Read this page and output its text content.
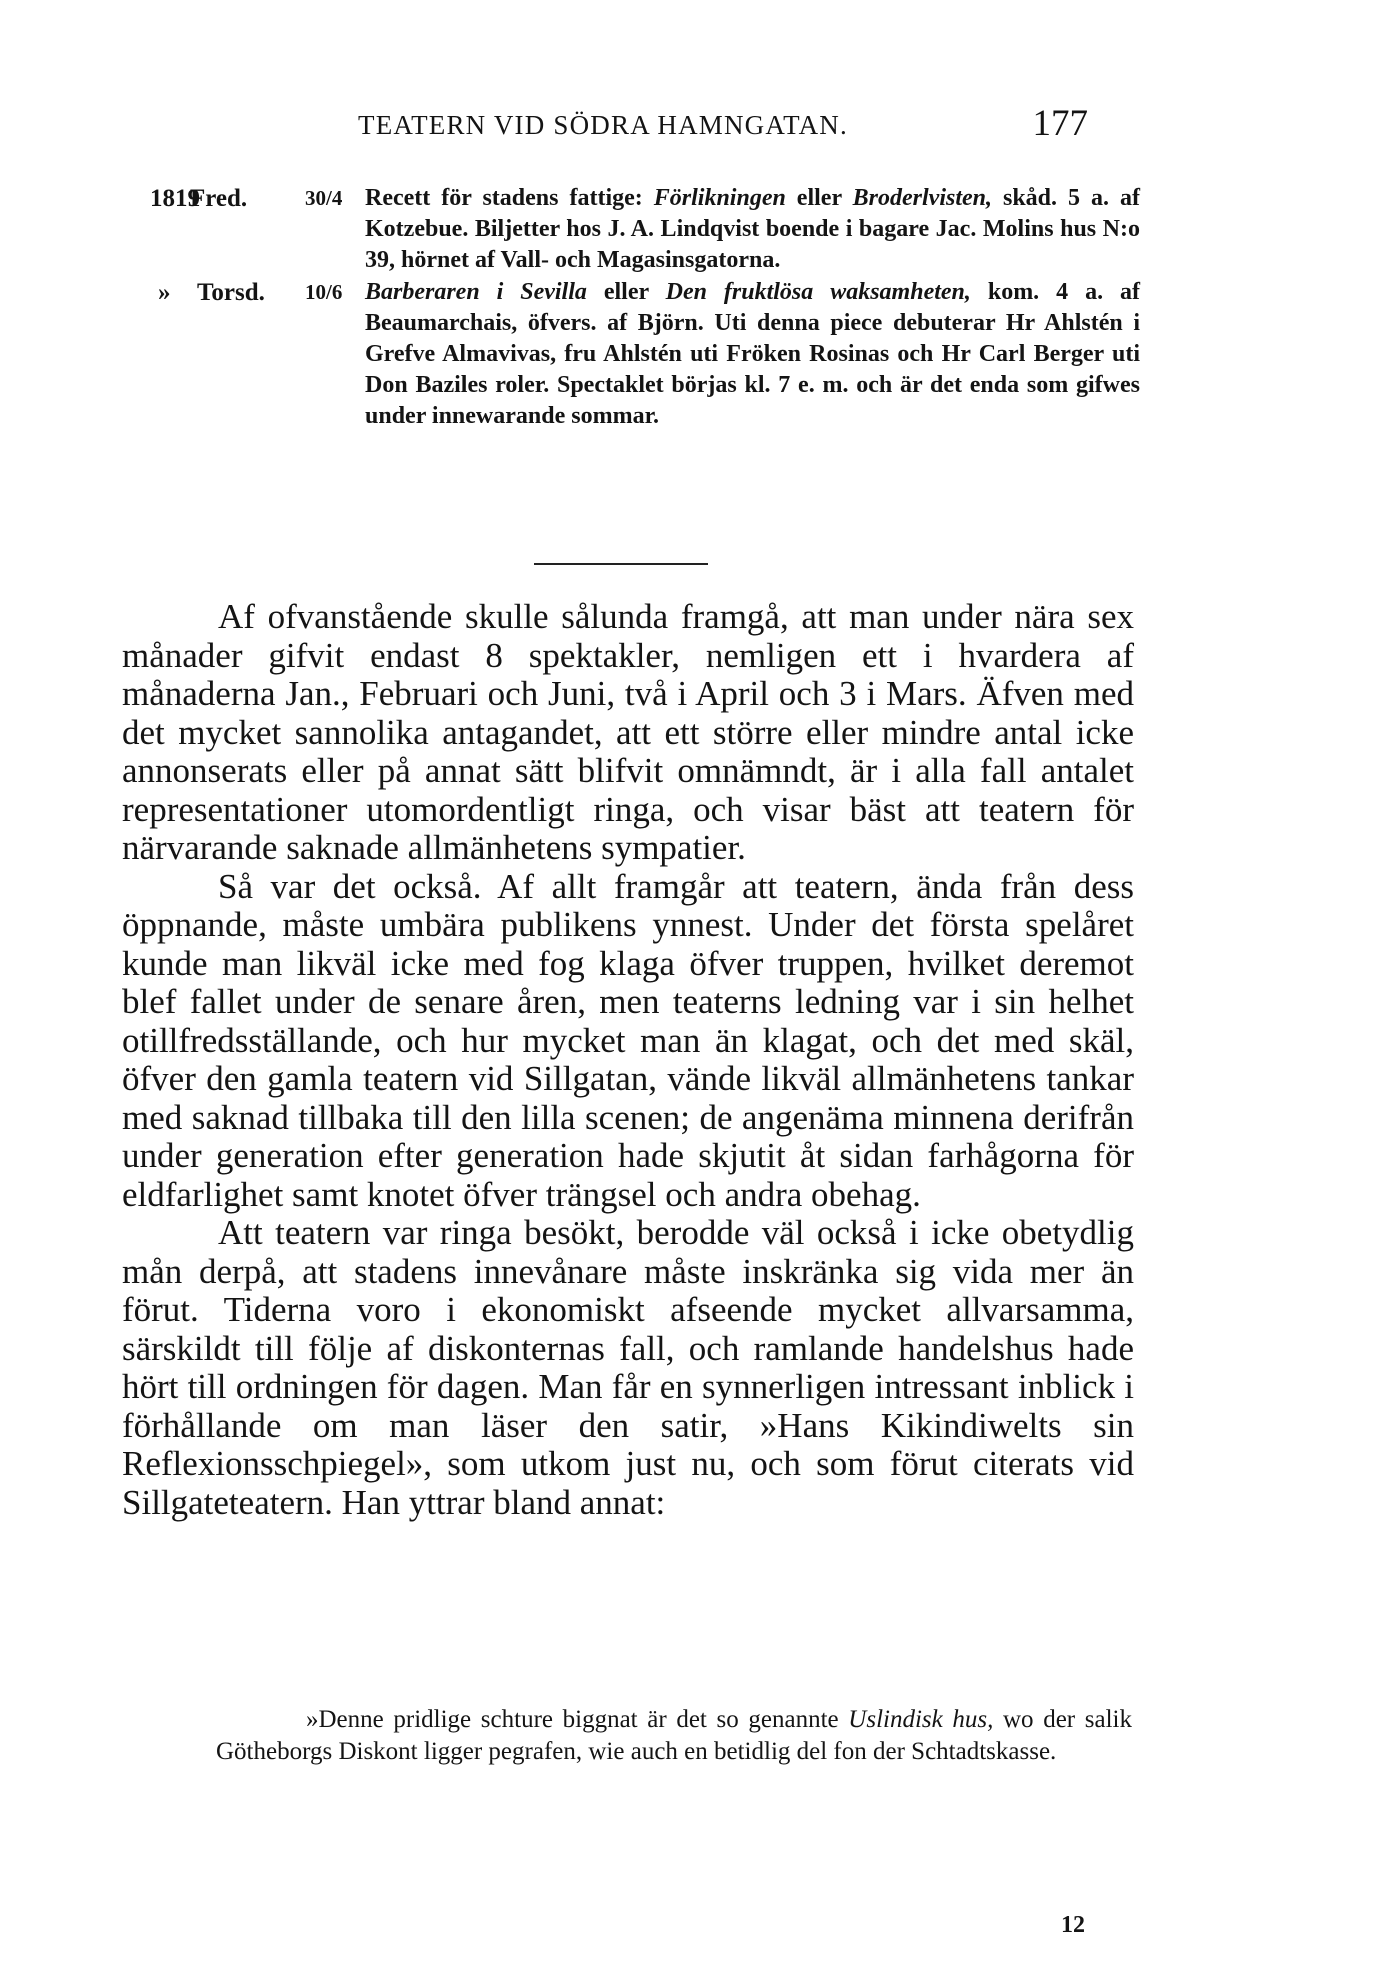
TEATERN VID SÖDRA HAMNGATAN.	177
1819
Fred.	30/4 Recett för stadens fattige: Förlikningen eller Broderlvisten, skåd. 5 a. af Kotzebue. Biljetter hos J. A. Lindqvist boende i bagare Jac. Molins hus N:o 39, hörnet af Vall- och Magasinsgatorna.

» Torsd. 10/6 Barberaren i Sevilla eller Den fruktlösa waksamheten, kom. 4 a. af Beaumarchais, öfvers. af Björn. Uti denna piece debuterar Hr Ahlstén i Grefve Almavivas, fru Ahlstén uti Fröken Rosinas och Hr Carl Berger uti Don Baziles roler. Spectaklet börjas kl. 7 e. m. och är det enda som gifwes under innewarande sommar.

Af ofvanstående skulle sålunda framgå, att man under nära sex månader gifvit endast 8 spektakler, nemligen ett i hvardera af månaderna Jan., Februari och Juni, två i April och 3 i Mars. Äfven med det mycket sannolika antagandet, att ett större eller mindre antal icke annonserats eller på annat sätt blifvit omnämndt, är i alla fall antalet representationer utomordentligt ringa, och visar bäst att teatern för närvarande saknade allmänhetens sympatier.

Så var det också. Af allt framgår att teatern, ända från dess öppnande, måste umbära publikens ynnest. Under det första spelåret kunde man likväl icke med fog klaga öfver truppen, hvilket deremot blef fallet under de senare åren, men teaterns ledning var i sin helhet otillfredsställande, och hur mycket man än klagat, och det med skäl, öfver den gamla teatern vid Sillgatan, vände likväl allmänhetens tankar med saknad tillbaka till den lilla scenen; de angenäma minnena derifrån under generation efter generation hade skjutit åt sidan farhågorna för eldfarlighet samt knotet öfver trängsel och andra obehag.

Att teatern var ringa besökt, berodde väl också i icke obetydlig mån derpå, att stadens innevånare måste inskränka sig vida mer än förut. Tiderna voro i ekonomiskt afseende mycket allvarsamma, särskildt till följe af diskonternas fall, och ramlande handelshus hade hört till ordningen för dagen. Man får en synnerligen intressant inblick i förhållande om man läser den satir, »Hans Kikindiwelts sin Reflexionsschpiegel», som utkom just nu, och som förut citerats vid Sillgateteatern. Han yttrar bland annat:

»Denne pridlige schture biggnat är det so genannte Uslindisk hus, wo der salik Götheborgs Diskont ligger pegrafen, wie auch en betidlig del fon der Schtadtskasse.

12
